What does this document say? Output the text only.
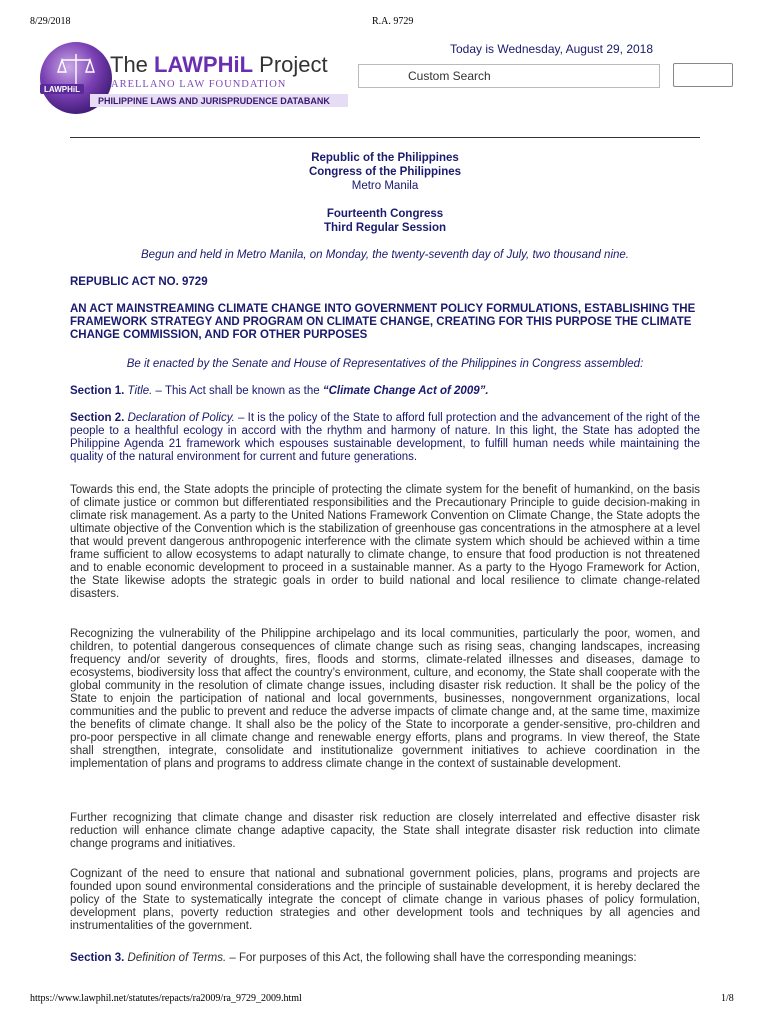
8/29/2018	R.A. 9729
LAWPHiL
The LAWPHiL Project
ARELLANO LAW FOUNDATION
PHILIPPINE LAWS AND JURISPRUDENCE DATABANK
Today is Wednesday, August 29, 2018
Custom Search
Republic of the Philippines
Congress of the Philippines
Metro Manila
Fourteenth Congress
Third Regular Session
Begun and held in Metro Manila, on Monday, the twenty-seventh day of July, two thousand nine.
REPUBLIC ACT NO. 9729
AN ACT MAINSTREAMING CLIMATE CHANGE INTO GOVERNMENT POLICY FORMULATIONS, ESTABLISHING THE FRAMEWORK STRATEGY AND PROGRAM ON CLIMATE CHANGE, CREATING FOR THIS PURPOSE THE CLIMATE CHANGE COMMISSION, AND FOR OTHER PURPOSES
Be it enacted by the Senate and House of Representatives of the Philippines in Congress assembled:
Section 1. Title. – This Act shall be known as the “Climate Change Act of 2009”.
Section 2. Declaration of Policy. – It is the policy of the State to afford full protection and the advancement of the right of the people to a healthful ecology in accord with the rhythm and harmony of nature. In this light, the State has adopted the Philippine Agenda 21 framework which espouses sustainable development, to fulfill human needs while maintaining the quality of the natural environment for current and future generations.
Towards this end, the State adopts the principle of protecting the climate system for the benefit of humankind, on the basis of climate justice or common but differentiated responsibilities and the Precautionary Principle to guide decision-making in climate risk management. As a party to the United Nations Framework Convention on Climate Change, the State adopts the ultimate objective of the Convention which is the stabilization of greenhouse gas concentrations in the atmosphere at a level that would prevent dangerous anthropogenic interference with the climate system which should be achieved within a time frame sufficient to allow ecosystems to adapt naturally to climate change, to ensure that food production is not threatened and to enable economic development to proceed in a sustainable manner. As a party to the Hyogo Framework for Action, the State likewise adopts the strategic goals in order to build national and local resilience to climate change-related disasters.
Recognizing the vulnerability of the Philippine archipelago and its local communities, particularly the poor, women, and children, to potential dangerous consequences of climate change such as rising seas, changing landscapes, increasing frequency and/or severity of droughts, fires, floods and storms, climate-related illnesses and diseases, damage to ecosystems, biodiversity loss that affect the country’s environment, culture, and economy, the State shall cooperate with the global community in the resolution of climate change issues, including disaster risk reduction. It shall be the policy of the State to enjoin the participation of national and local governments, businesses, nongovernment organizations, local communities and the public to prevent and reduce the adverse impacts of climate change and, at the same time, maximize the benefits of climate change. It shall also be the policy of the State to incorporate a gender-sensitive, pro-children and pro-poor perspective in all climate change and renewable energy efforts, plans and programs. In view thereof, the State shall strengthen, integrate, consolidate and institutionalize government initiatives to achieve coordination in the implementation of plans and programs to address climate change in the context of sustainable development.
Further recognizing that climate change and disaster risk reduction are closely interrelated and effective disaster risk reduction will enhance climate change adaptive capacity, the State shall integrate disaster risk reduction into climate change programs and initiatives.
Cognizant of the need to ensure that national and subnational government policies, plans, programs and projects are founded upon sound environmental considerations and the principle of sustainable development, it is hereby declared the policy of the State to systematically integrate the concept of climate change in various phases of policy formulation, development plans, poverty reduction strategies and other development tools and techniques by all agencies and instrumentalities of the government.
Section 3. Definition of Terms. – For purposes of this Act, the following shall have the corresponding meanings:
https://www.lawphil.net/statutes/repacts/ra2009/ra_9729_2009.html	1/8
